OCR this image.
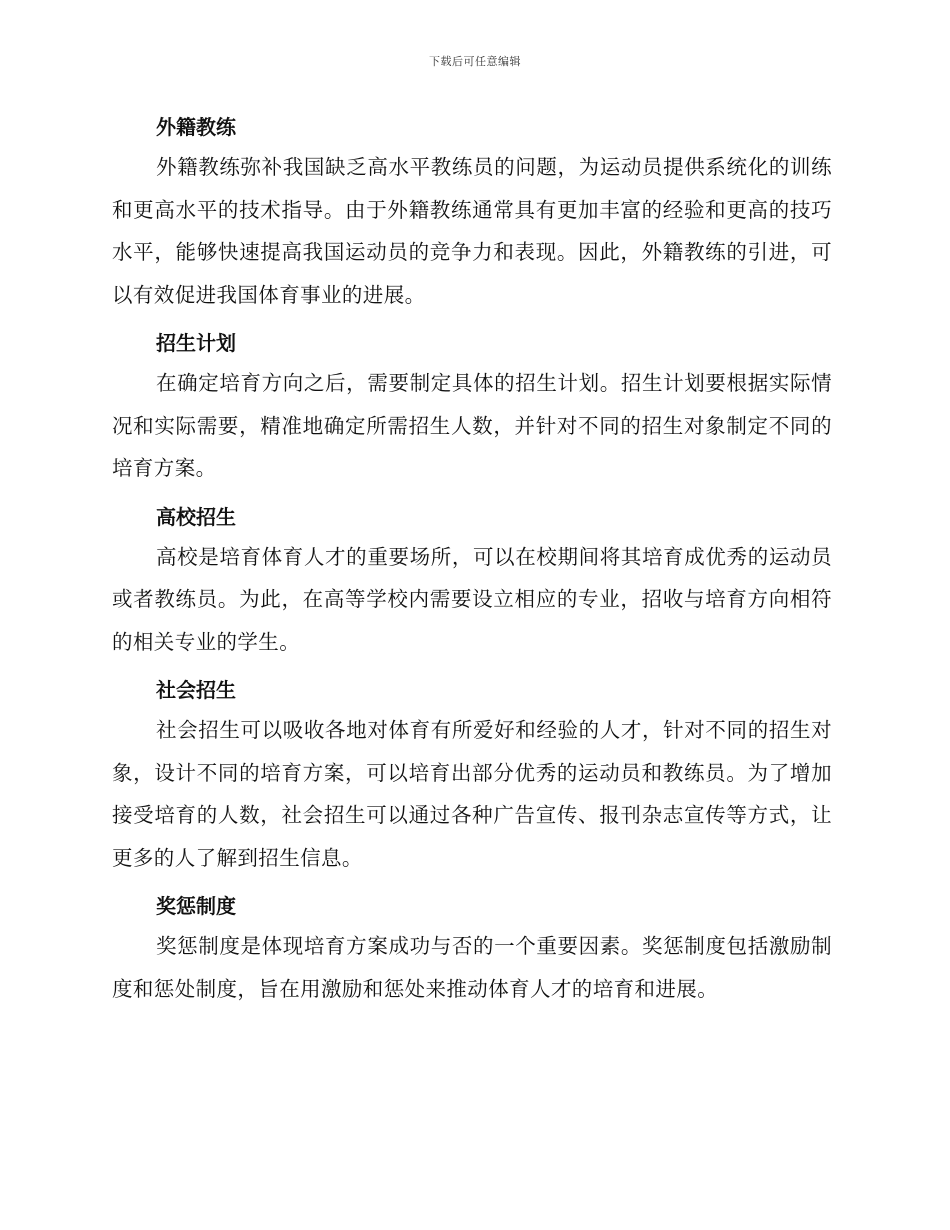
下载后可任意编辑
外籍教练

外籍教练弥补我国缺乏高水平教练员的问题，为运动员提供系统化的训练和更高水平的技术指导。由于外籍教练通常具有更加丰富的经验和更高的技巧水平，能够快速提高我国运动员的竞争力和表现。因此，外籍教练的引进，可以有效促进我国体育事业的进展。

招生计划

在确定培育方向之后，需要制定具体的招生计划。招生计划要根据实际情况和实际需要，精准地确定所需招生人数，并针对不同的招生对象制定不同的培育方案。

高校招生

高校是培育体育人才的重要场所，可以在校期间将其培育成优秀的运动员或者教练员。为此，在高等学校内需要设立相应的专业，招收与培育方向相符的相关专业的学生。

社会招生

社会招生可以吸收各地对体育有所爱好和经验的人才，针对不同的招生对象，设计不同的培育方案，可以培育出部分优秀的运动员和教练员。为了增加接受培育的人数，社会招生可以通过各种广告宣传、报刊杂志宣传等方式，让更多的人了解到招生信息。

奖惩制度

奖惩制度是体现培育方案成功与否的一个重要因素。奖惩制度包括激励制度和惩处制度，旨在用激励和惩处来推动体育人才的培育和进展。
